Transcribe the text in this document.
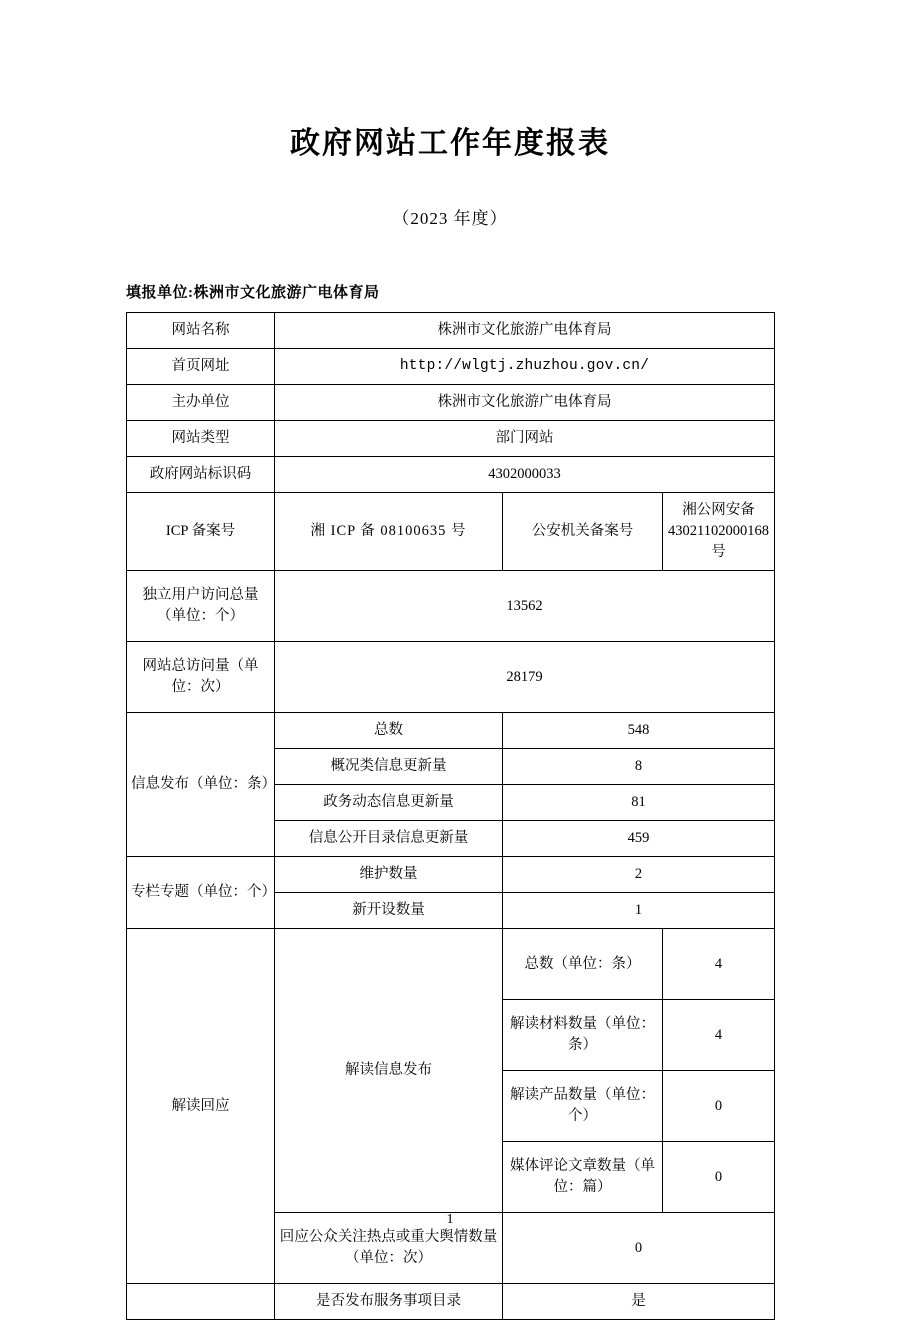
政府网站工作年度报表
（2023 年度）
填报单位:株洲市文化旅游广电体育局
网站名称	株洲市文化旅游广电体育局		
首页网址	http://wlgtj.zhuzhou.gov.cn/		
主办单位	株洲市文化旅游广电体育局		
网站类型	部门网站		
政府网站标识码	4302000033		
ICP 备案号	湘 ICP 备 08100635 号	公安机关备案号	湘公网安备 43021102000168 号
独立用户访问总量（单位：个）	13562		
网站总访问量（单位：次）	28179		
信息发布（单位：条）	总数	548	
	概况类信息更新量	8	
	政务动态信息更新量	81	
	信息公开目录信息更新量	459	
专栏专题（单位：个）	维护数量	2	
	新开设数量	1	
解读回应	解读信息发布	总数（单位：条）	4
		解读材料数量（单位：条）	4
		解读产品数量（单位：个）	0
		媒体评论文章数量（单位：篇）	0
	回应公众关注热点或重大舆情数量（单位：次）	0	
	是否发布服务事项目录	是	
1
